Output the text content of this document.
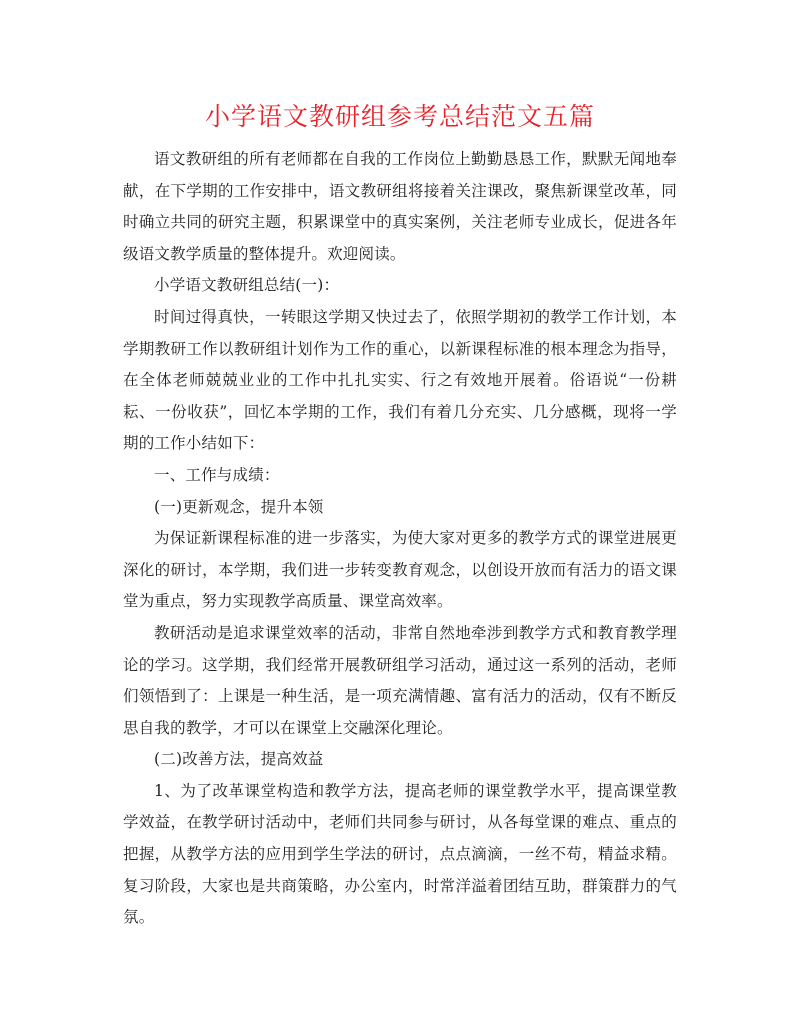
小学语文教研组参考总结范文五篇

语文教研组的所有老师都在自我的工作岗位上勤勤恳恳工作，默默无闻地奉献，在下学期的工作安排中，语文教研组将接着关注课改，聚焦新课堂改革，同时确立共同的研究主题，积累课堂中的真实案例，关注老师专业成长，促进各年级语文教学质量的整体提升。欢迎阅读。

小学语文教研组总结(一)：

时间过得真快，一转眼这学期又快过去了，依照学期初的教学工作计划，本学期教研工作以教研组计划作为工作的重心，以新课程标准的根本理念为指导，在全体老师兢兢业业的工作中扎扎实实、行之有效地开展着。俗语说“一份耕耘、一份收获”，回忆本学期的工作，我们有着几分充实、几分感概，现将一学期的工作小结如下：

一、工作与成绩：

(一)更新观念，提升本领

为保证新课程标准的进一步落实，为使大家对更多的教学方式的课堂进展更深化的研讨，本学期，我们进一步转变教育观念，以创设开放而有活力的语文课堂为重点，努力实现教学高质量、课堂高效率。

教研活动是追求课堂效率的活动，非常自然地牵涉到教学方式和教育教学理论的学习。这学期，我们经常开展教研组学习活动，通过这一系列的活动，老师们领悟到了：上课是一种生活，是一项充满情趣、富有活力的活动，仅有不断反思自我的教学，才可以在课堂上交融深化理论。

(二)改善方法，提高效益

1、为了改革课堂构造和教学方法，提高老师的课堂教学水平，提高课堂教学效益，在教学研讨活动中，老师们共同参与研讨，从各每堂课的难点、重点的把握，从教学方法的应用到学生学法的研讨，点点滴滴，一丝不苟，精益求精。复习阶段，大家也是共商策略，办公室内，时常洋溢着团结互助，群策群力的气氛。
